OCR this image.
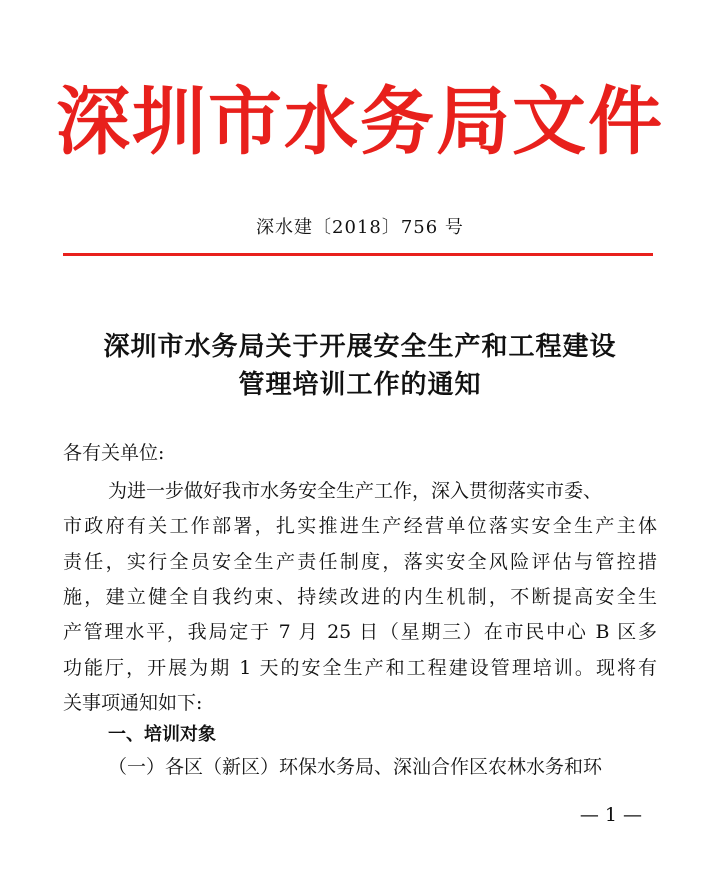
深圳市水务局文件
深水建〔2018〕756 号
深圳市水务局关于开展安全生产和工程建设
管理培训工作的通知
各有关单位:
为进一步做好我市水务安全生产工作，深入贯彻落实市委、
市政府有关工作部署，扎实推进生产经营单位落实安全生产主体
责任，实行全员安全生产责任制度，落实安全风险评估与管控措
施，建立健全自我约束、持续改进的内生机制，不断提高安全生
产管理水平，我局定于 7 月 25 日（星期三）在市民中心 B 区多
功能厅，开展为期 1 天的安全生产和工程建设管理培训。现将有
关事项通知如下:
一、培训对象
（一）各区（新区）环保水务局、深汕合作区农林水务和环
— 1 —
